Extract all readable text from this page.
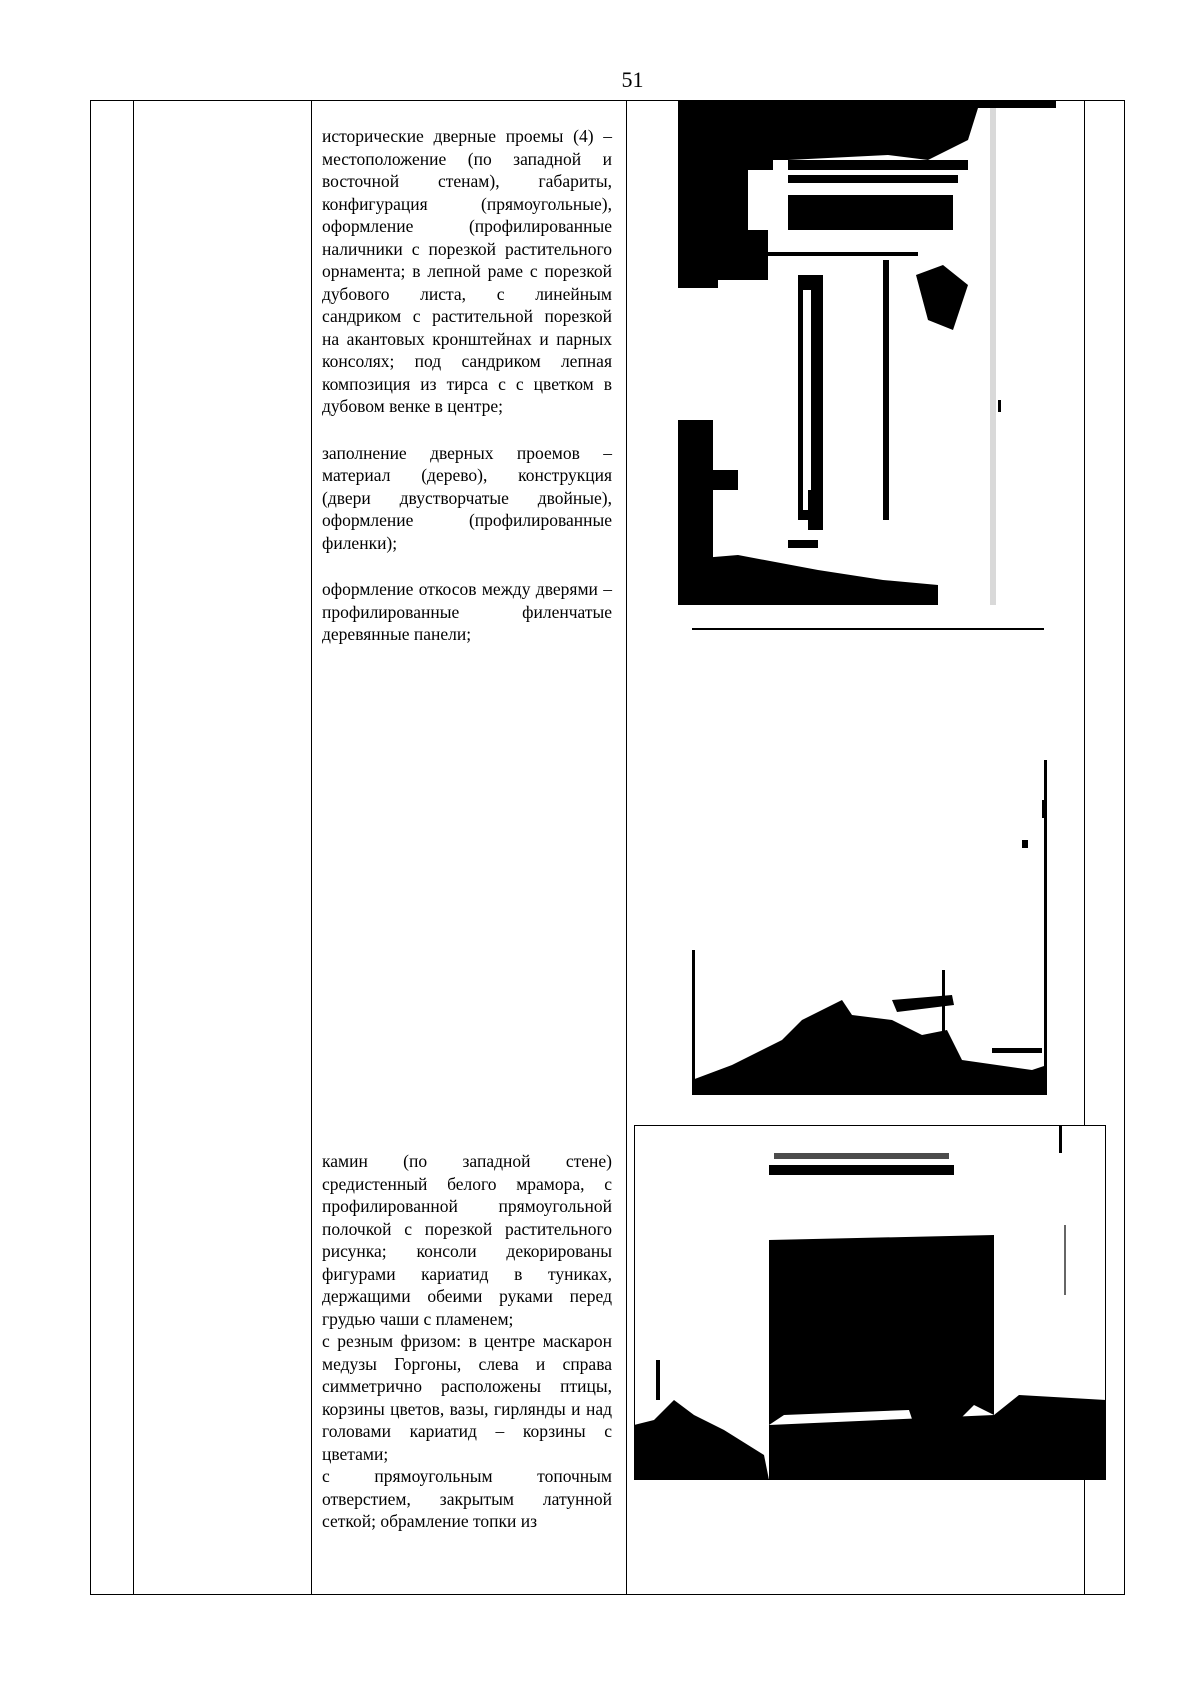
51

исторические дверные проемы (4) – местоположение (по западной и восточной стенам), габариты, конфигурация (прямоугольные), оформление (профилированные наличники с порезкой растительного орнамента; в лепной раме с порезкой дубового листа, с линейным сандриком с растительной порезкой на акантовых кронштейнах и парных консолях; под сандриком лепная композиция из тирса с с цветком в дубовом венке в центре;

заполнение дверных проемов – материал (дерево), конструкция (двери двустворчатые двойные), оформление (профилированные филенки);

оформление откосов между дверями – профилированные филенчатые деревянные панели;

камин (по западной стене) средистенный белого мрамора, с профилированной прямоугольной полочкой с порезкой растительного рисунка; консоли декорированы фигурами кариатид в туниках, держащими обеими руками перед грудью чаши с пламенем;

с резным фризом: в центре маскарон медузы Горгоны, слева и справа симметрично расположены птицы, корзины цветов, вазы, гирлянды и над головами кариатид – корзины с цветами;

с прямоугольным топочным отверстием, закрытым латунной сеткой; обрамление топки из
